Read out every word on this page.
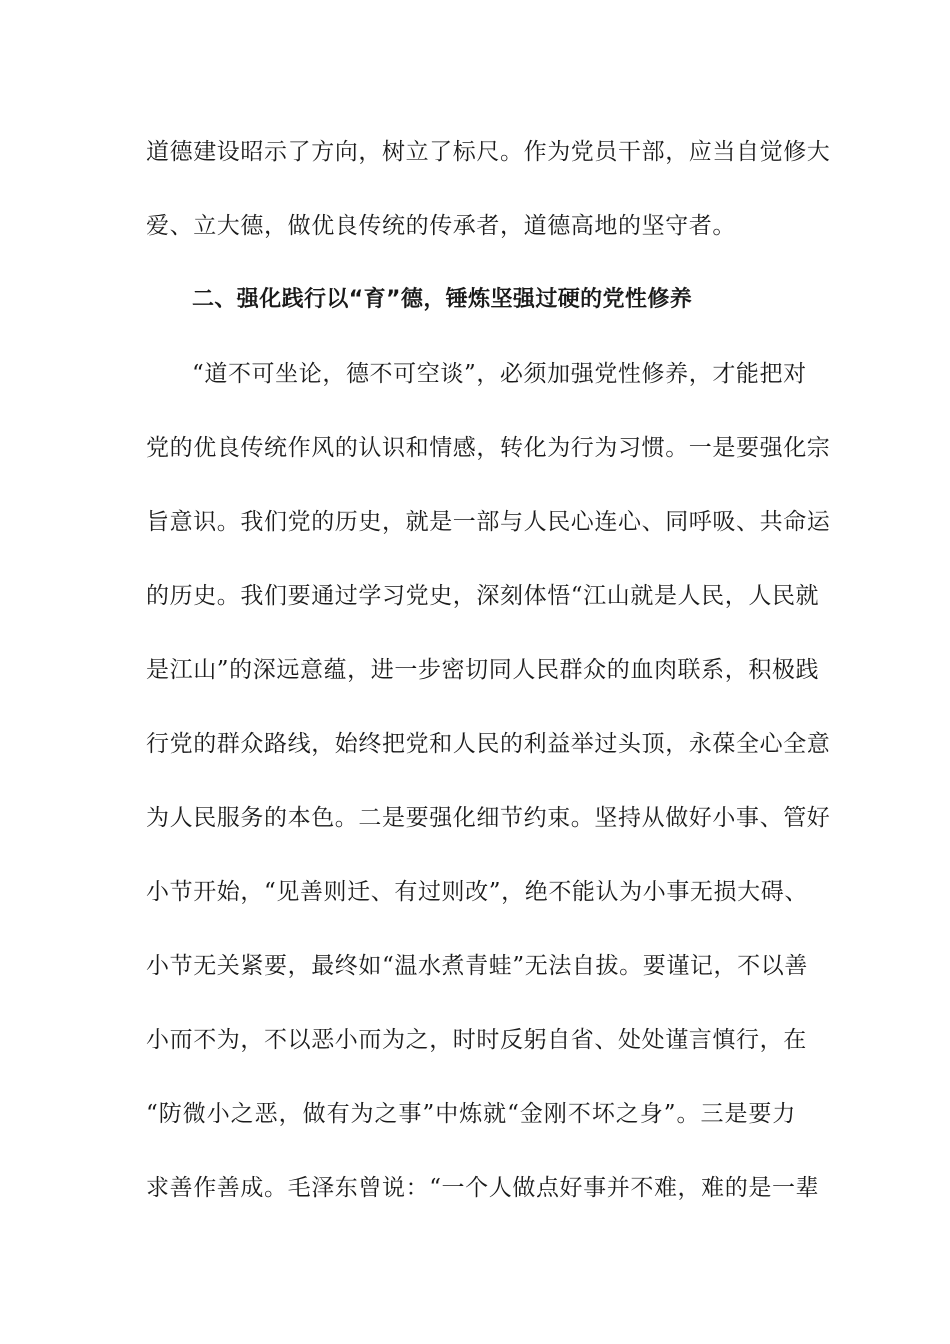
道德建设昭示了方向，树立了标尺。作为党员干部，应当自觉修大
爱、立大德，做优良传统的传承者，道德高地的坚守者。
二、强化践行以“育”德，锤炼坚强过硬的党性修养
“道不可坐论，德不可空谈”，必须加强党性修养，才能把对
党的优良传统作风的认识和情感，转化为行为习惯。一是要强化宗
旨意识。我们党的历史，就是一部与人民心连心、同呼吸、共命运
的历史。我们要通过学习党史，深刻体悟“江山就是人民，人民就
是江山”的深远意蕴，进一步密切同人民群众的血肉联系，积极践
行党的群众路线，始终把党和人民的利益举过头顶，永葆全心全意
为人民服务的本色。二是要强化细节约束。坚持从做好小事、管好
小节开始，“见善则迁、有过则改”，绝不能认为小事无损大碍、
小节无关紧要，最终如“温水煮青蛙”无法自拔。要谨记，不以善
小而不为，不以恶小而为之，时时反躬自省、处处谨言慎行，在
“防微小之恶，做有为之事”中炼就“金刚不坏之身”。三是要力
求善作善成。毛泽东曾说：“一个人做点好事并不难，难的是一辈
